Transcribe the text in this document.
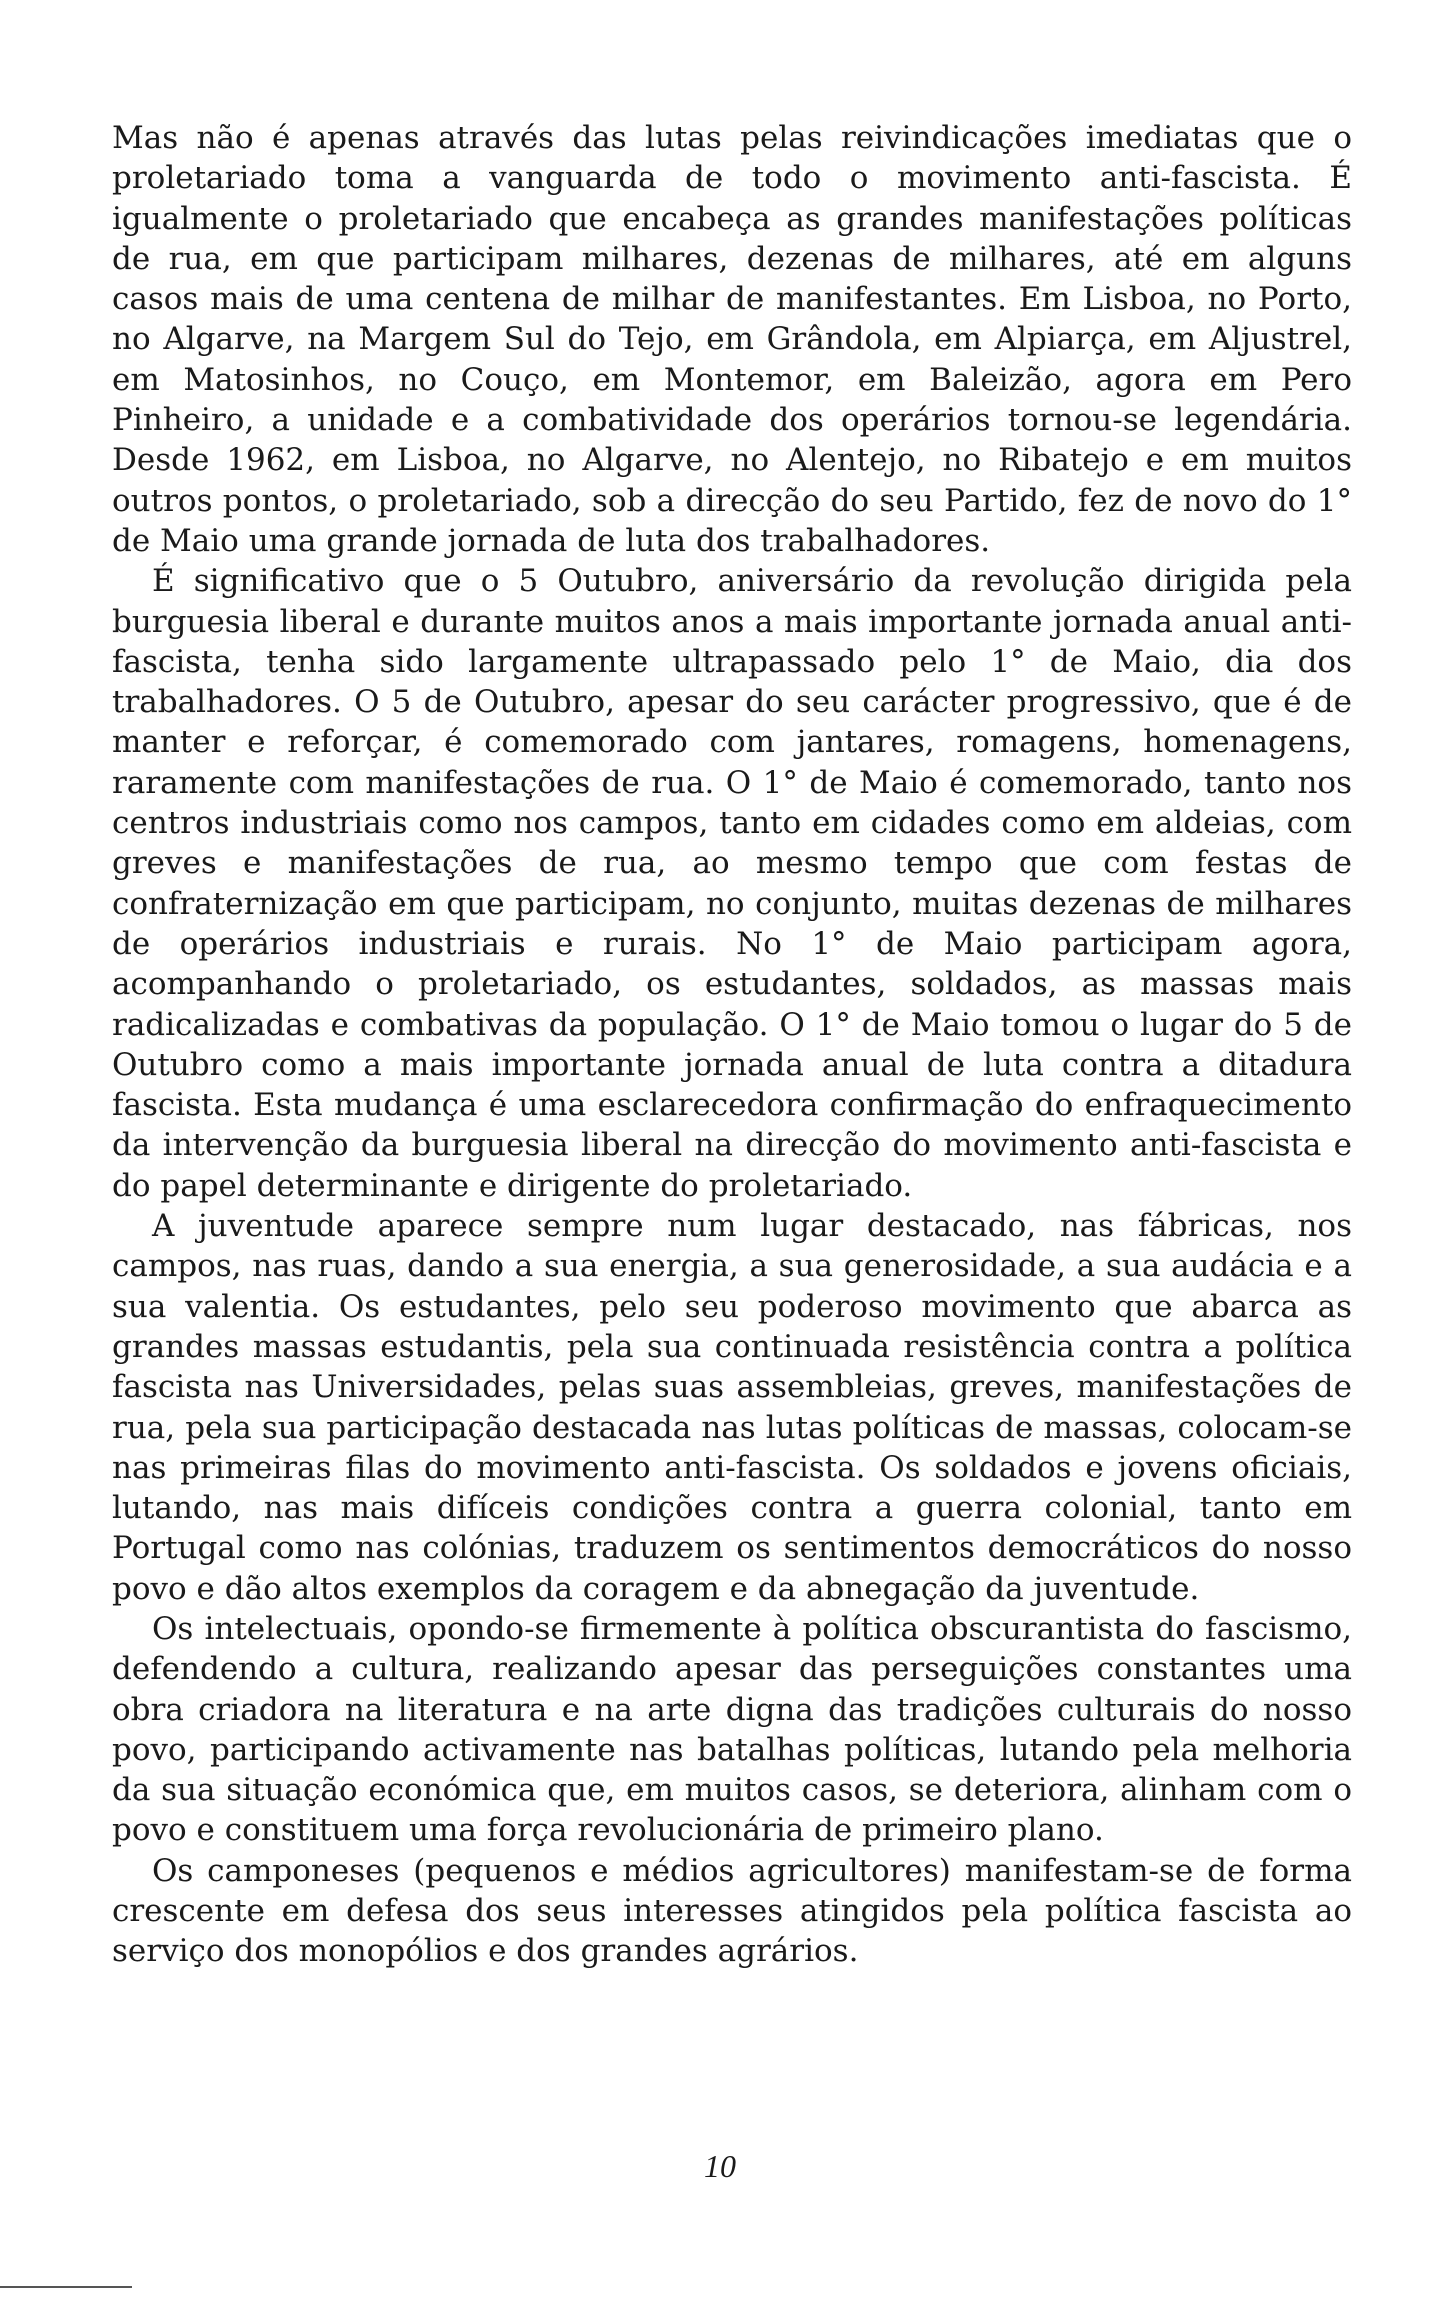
Mas não é apenas através das lutas pelas reivindicações imediatas que o proletariado toma a vanguarda de todo o movimento anti-fascista. É igualmente o proletariado que encabeça as grandes manifestações políticas de rua, em que participam milhares, dezenas de milhares, até em alguns casos mais de uma centena de milhar de manifestantes. Em Lisboa, no Porto, no Algarve, na Margem Sul do Tejo, em Grândola, em Alpiarça, em Aljustrel, em Matosinhos, no Couço, em Montemor, em Baleizão, agora em Pero Pinheiro, a unidade e a combatividade dos operários tornou-se legendária. Desde 1962, em Lisboa, no Algarve, no Alentejo, no Ribatejo e em muitos outros pontos, o proletariado, sob a direcção do seu Partido, fez de novo do 1° de Maio uma grande jornada de luta dos trabalhadores.

É significativo que o 5 Outubro, aniversário da revolução dirigida pela burguesia liberal e durante muitos anos a mais importante jornada anual anti-fascista, tenha sido largamente ultrapassado pelo 1° de Maio, dia dos trabalhadores. O 5 de Outubro, apesar do seu carácter progressivo, que é de manter e reforçar, é comemorado com jantares, romagens, homenagens, raramente com manifestações de rua. O 1° de Maio é comemorado, tanto nos centros industriais como nos campos, tanto em cidades como em aldeias, com greves e manifestações de rua, ao mesmo tempo que com festas de confraternização em que participam, no conjunto, muitas dezenas de milhares de operários industriais e rurais. No 1° de Maio participam agora, acompanhando o proletariado, os estudantes, soldados, as massas mais radicalizadas e combativas da população. O 1° de Maio tomou o lugar do 5 de Outubro como a mais importante jornada anual de luta contra a ditadura fascista. Esta mudança é uma esclarecedora confirmação do enfraquecimento da intervenção da burguesia liberal na direcção do movimento anti-fascista e do papel determinante e dirigente do proletariado.

A juventude aparece sempre num lugar destacado, nas fábricas, nos campos, nas ruas, dando a sua energia, a sua generosidade, a sua audácia e a sua valentia. Os estudantes, pelo seu poderoso movimento que abarca as grandes massas estudantis, pela sua continuada resistência contra a política fascista nas Universidades, pelas suas assembleias, greves, manifestações de rua, pela sua participação destacada nas lutas políticas de massas, colocam-se nas primeiras filas do movimento anti-fascista. Os soldados e jovens oficiais, lutando, nas mais difíceis condições contra a guerra colonial, tanto em Portugal como nas colónias, traduzem os sentimentos democráticos do nosso povo e dão altos exemplos da coragem e da abnegação da juventude.

Os intelectuais, opondo-se firmemente à política obscurantista do fascismo, defendendo a cultura, realizando apesar das perseguições constantes uma obra criadora na literatura e na arte digna das tradições culturais do nosso povo, participando activamente nas batalhas políticas, lutando pela melhoria da sua situação económica que, em muitos casos, se deteriora, alinham com o povo e constituem uma força revolucionária de primeiro plano.

Os camponeses (pequenos e médios agricultores) manifestam-se de forma crescente em defesa dos seus interesses atingidos pela política fascista ao serviço dos monopólios e dos grandes agrários.

10
